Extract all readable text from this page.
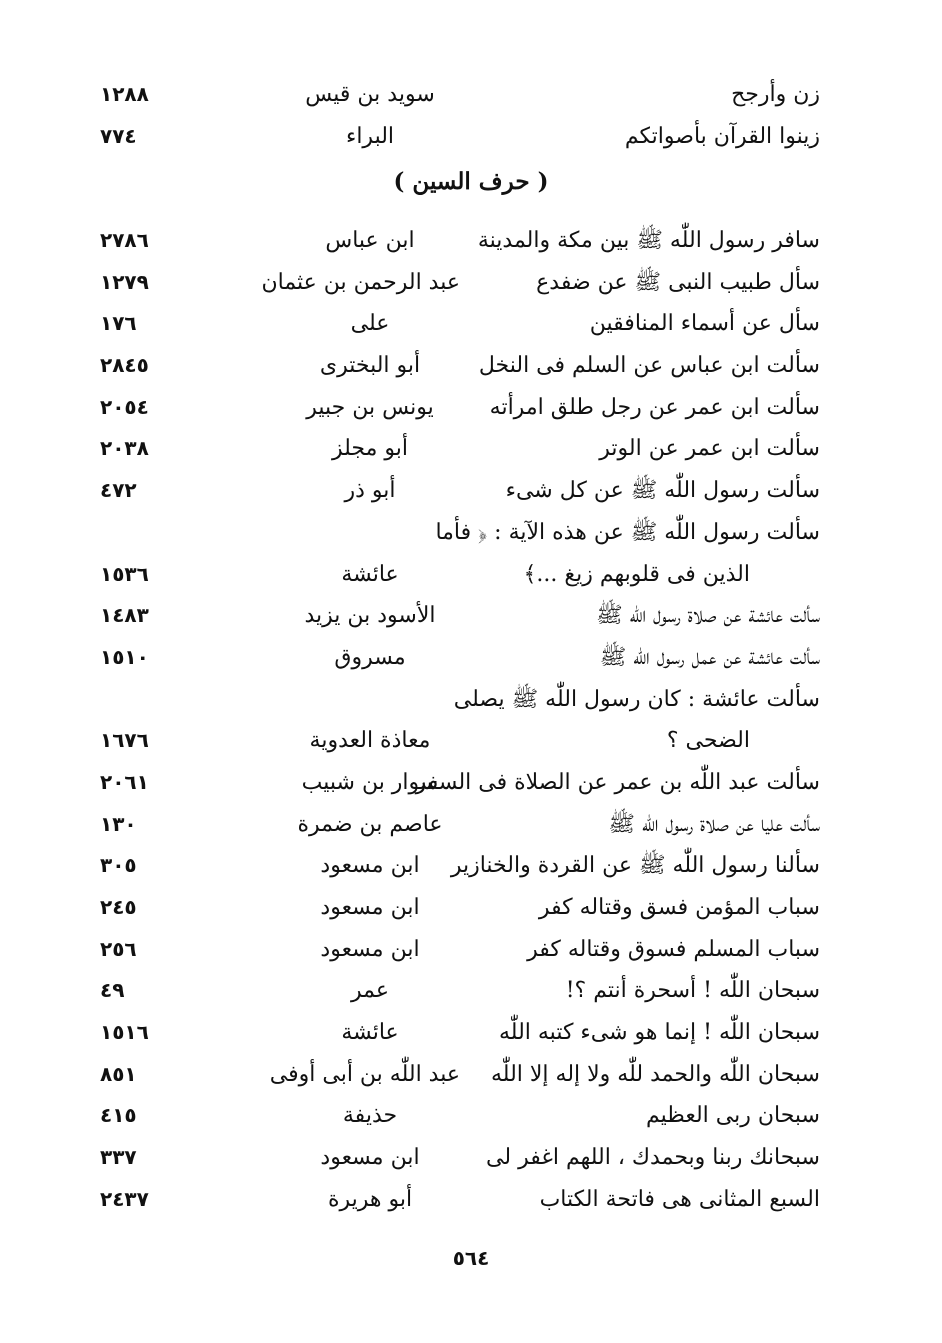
زن وأرجح
سويد بن قيس
١٢٨٨
زينوا القرآن بأصواتكم
البراء
٧٧٤
( حرف السين )
سافر رسول اللّٰه ﷺ بين مكة والمدينة
ابن عباس
٢٧٨٦
سأل طبيب النبى ﷺ عن ضفدع
عبد الرحمن بن عثمان
١٢٧٩
سأل عن أسماء المنافقين
على
١٧٦
سألت ابن عباس عن السلم فى النخل
أبو البخترى
٢٨٤٥
سألت ابن عمر عن رجل طلق امرأته
يونس بن جبير
٢٠٥٤
سألت ابن عمر عن الوتر
أبو مجلز
٢٠٣٨
سألت رسول اللّٰه ﷺ عن كل شىء
أبو ذر
٤٧٢
سألت رسول اللّٰه ﷺ عن هذه الآية : ﴿ فأما
الذين فى قلوبهم زيغ ...﴾
عائشة
١٥٣٦
سألت عائشة عن صلاة رسول اللّٰه ﷺ
الأسود بن يزيد
١٤٨٣
سألت عائشة عن عمل رسول اللّٰه ﷺ
مسروق
١٥١٠
سألت عائشة : كان رسول اللّٰه ﷺ يصلى
الضحى ؟
معاذة العدوية
١٦٧٦
سألت عبد اللّٰه بن عمر عن الصلاة فى السفر
سوار بن شبيب
٢٠٦١
سألت عليا عن صلاة رسول اللّٰه ﷺ
عاصم بن ضمرة
١٣٠
سألنا رسول اللّٰه ﷺ عن القردة والخنازير
ابن مسعود
٣٠٥
سباب المؤمن فسق وقتاله كفر
ابن مسعود
٢٤٥
سباب المسلم فسوق وقتاله كفر
ابن مسعود
٢٥٦
سبحان اللّٰه ! أسحرة أنتم ؟!
عمر
٤٩
سبحان اللّٰه ! إنما هو شىء كتبه اللّٰه
عائشة
١٥١٦
سبحان اللّٰه والحمد للّٰه ولا إله إلا اللّٰه
عبد اللّٰه بن أبى أوفى
٨٥١
سبحان ربى العظيم
حذيفة
٤١٥
سبحانك ربنا وبحمدك ، اللهم اغفر لى
ابن مسعود
٣٣٧
السبع المثانى هى فاتحة الكتاب
أبو هريرة
٢٤٣٧
٥٦٤
